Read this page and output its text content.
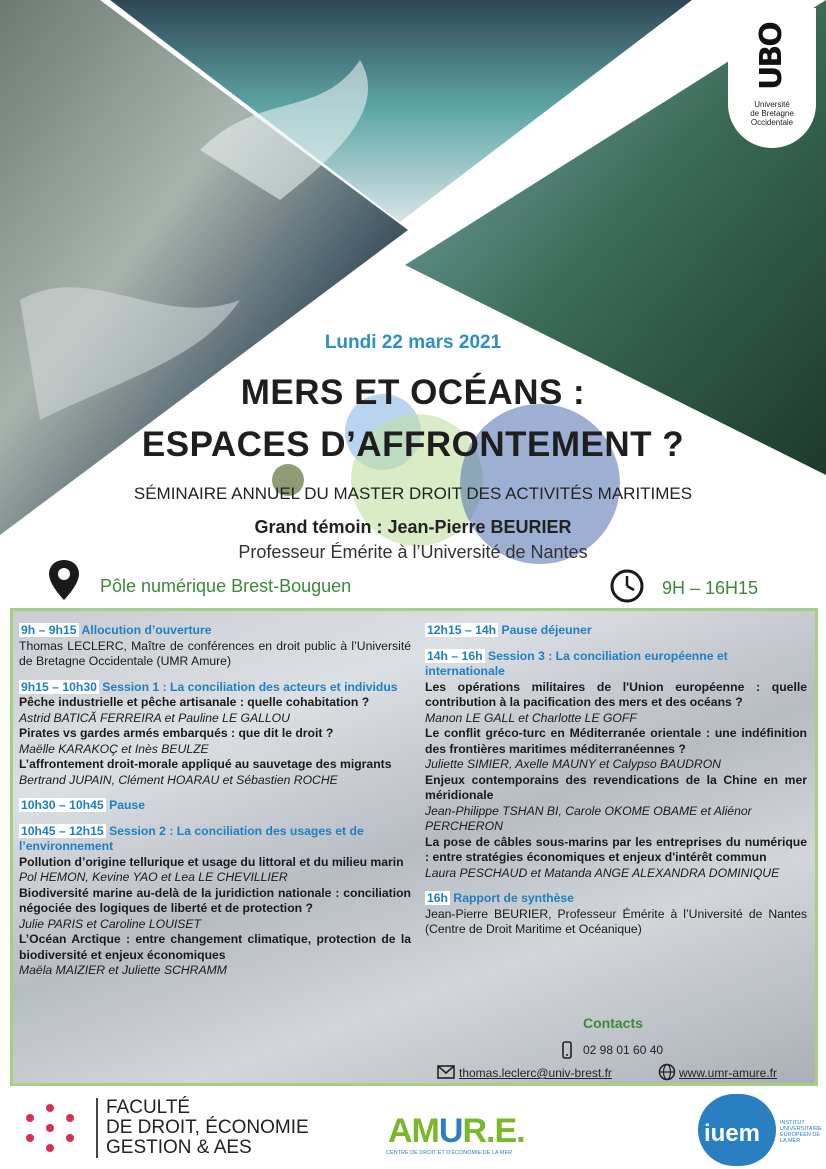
UBO
Université
de Bretagne
Occidentale
Lundi 22 mars 2021
MERS ET OCÉANS :
ESPACES D’AFFRONTEMENT ?
SÉMINAIRE ANNUEL DU MASTER DROIT DES ACTIVITÉS MARITIMES
Grand témoin : Jean-Pierre BEURIER
Professeur Émérite à l’Université de Nantes
Pôle numérique Brest-Bouguen	9H – 16H15
9h – 9h15 Allocution d’ouverture
Thomas LECLERC, Maître de conférences en droit public à l’Université de Bretagne Occidentale (UMR Amure)
9h15 – 10h30 Session 1 : La conciliation des acteurs et individus
Pêche industrielle et pêche artisanale : quelle cohabitation ?
Astrid BATICĂ FERREIRA et Pauline LE GALLOU
Pirates vs gardes armés embarqués : que dit le droit ?
Maëlle KARAKOÇ et Inès BEULZE
L’affrontement droit-morale appliqué au sauvetage des migrants
Bertrand JUPAIN, Clément HOARAU et Sébastien ROCHE
10h30 – 10h45 Pause
10h45 – 12h15 Session 2 : La conciliation des usages et de l’environnement
Pollution d’origine tellurique et usage du littoral et du milieu marin
Pol HEMON, Kevine YAO et Lea LE CHEVILLIER
Biodiversité marine au-delà de la juridiction nationale : conciliation négociée des logiques de liberté et de protection ?
Julie PARIS et Caroline LOUISET
L’Océan Arctique : entre changement climatique, protection de la biodiversité et enjeux économiques
Maëla MAIZIER et Juliette SCHRAMM
12h15 – 14h Pause déjeuner
14h – 16h Session 3 : La conciliation européenne et internationale
Les opérations militaires de l'Union européenne : quelle contribution à la pacification des mers et des océans ?
Manon LE GALL et Charlotte LE GOFF
Le conflit gréco-turc en Méditerranée orientale : une indéfinition des frontières maritimes méditerranéennes ?
Juliette SIMIER, Axelle MAUNY et Calypso BAUDRON
Enjeux contemporains des revendications de la Chine en mer méridionale
Jean-Philippe TSHAN BI, Carole OKOME OBAME et Aliénor PERCHERON
La pose de câbles sous-marins par les entreprises du numérique : entre stratégies économiques et enjeux d'intérêt commun
Laura PESCHAUD et Matanda ANGE ALEXANDRA DOMINIQUE
16h Rapport de synthèse
Jean-Pierre BEURIER, Professeur Émérite à l’Université de Nantes (Centre de Droit Maritime et Océanique)
Contacts
02 98 01 60 40
thomas.leclerc@univ-brest.fr	www.umr-amure.fr
FACULTÉ
DE DROIT, ÉCONOMIE
GESTION & AES	AMUR.E.
CENTRE DE DROIT ET D'ÉCONOMIE DE LA MER
iuem	INSTITUT UNIVERSITAIRE EUROPÉEN DE LA MER
